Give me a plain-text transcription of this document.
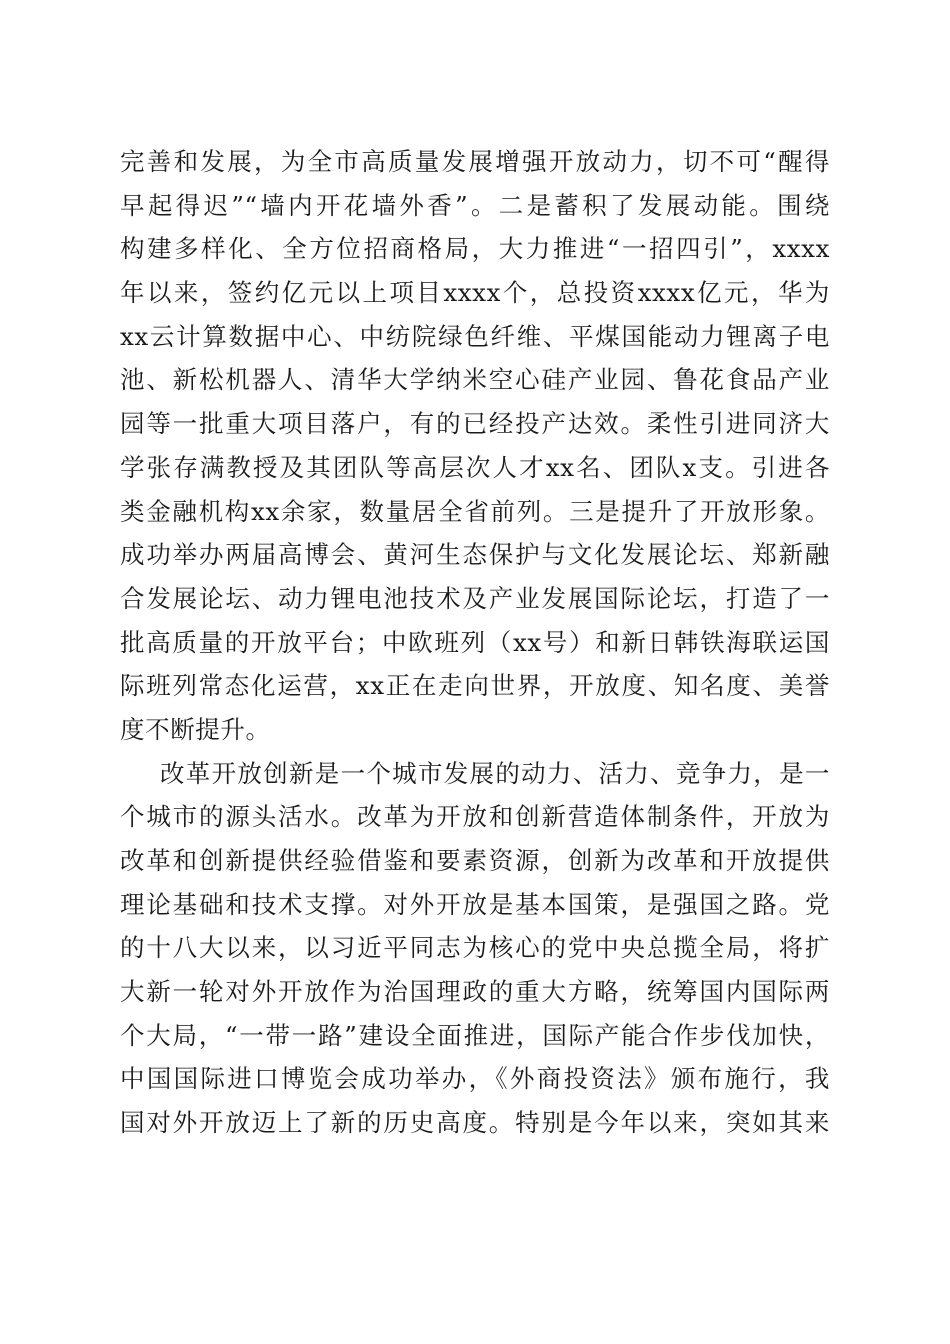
完善和发展，为全市高质量发展增强开放动力，切不可“醒得
早起得迟”“墙内开花墙外香”。二是蓄积了发展动能。围绕
构建多样化、全方位招商格局，大力推进“一招四引”，xxxx
年以来，签约亿元以上项目xxxx个，总投资xxxx亿元，华为
xx云计算数据中心、中纺院绿色纤维、平煤国能动力锂离子电
池、新松机器人、清华大学纳米空心硅产业园、鲁花食品产业
园等一批重大项目落户，有的已经投产达效。柔性引进同济大
学张存满教授及其团队等高层次人才xx名、团队x支。引进各
类金融机构xx余家，数量居全省前列。三是提升了开放形象。
成功举办两届高博会、黄河生态保护与文化发展论坛、郑新融
合发展论坛、动力锂电池技术及产业发展国际论坛，打造了一
批高质量的开放平台；中欧班列（xx号）和新日韩铁海联运国
际班列常态化运营，xx正在走向世界，开放度、知名度、美誉
度不断提升。
改革开放创新是一个城市发展的动力、活力、竞争力，是一
个城市的源头活水。改革为开放和创新营造体制条件，开放为
改革和创新提供经验借鉴和要素资源，创新为改革和开放提供
理论基础和技术支撑。对外开放是基本国策，是强国之路。党
的十八大以来，以习近平同志为核心的党中央总揽全局，将扩
大新一轮对外开放作为治国理政的重大方略，统筹国内国际两
个大局，“一带一路”建设全面推进，国际产能合作步伐加快，
中国国际进口博览会成功举办，《外商投资法》颁布施行，我
国对外开放迈上了新的历史高度。特别是今年以来，突如其来
